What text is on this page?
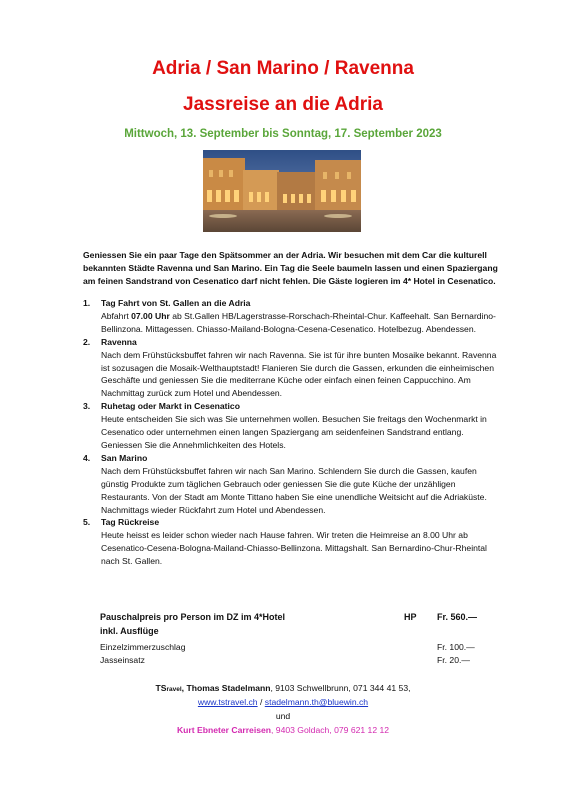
Adria / San Marino / Ravenna
Jassreise an die Adria
Mittwoch, 13. September bis Sonntag, 17. September 2023
Geniessen Sie ein paar Tage den Spätsommer an der Adria. Wir besuchen mit dem Car die kulturell bekannten Städte Ravenna und San Marino. Ein Tag die Seele baumeln lassen und einen Spaziergang am feinen Sandstrand von Cesenatico darf nicht fehlen. Die Gäste logieren im 4* Hotel in Cesenatico.
1. Tag Fahrt von St. Gallen an die Adria
Abfahrt 07.00 Uhr ab St.Gallen HB/Lagerstrasse-Rorschach-Rheintal-Chur. Kaffeehalt. San Bernardino-Bellinzona. Mittagessen. Chiasso-Mailand-Bologna-Cesena-Cesenatico. Hotelbezug. Abendessen.
2. Ravenna
Nach dem Frühstücksbuffet fahren wir nach Ravenna. Sie ist für ihre bunten Mosaike bekannt. Ravenna ist sozusagen die Mosaik-Welthauptstadt! Flanieren Sie durch die Gassen, erkunden die einheimischen Geschäfte und geniessen Sie die mediterrane Küche oder einfach einen feinen Cappucchino. Am Nachmittag zurück zum Hotel und Abendessen.
3. Ruhetag oder Markt in Cesenatico
Heute entscheiden Sie sich was Sie unternehmen wollen. Besuchen Sie freitags den Wochenmarkt in Cesenatico oder unternehmen einen langen Spaziergang am seidenfeinen Sandstrand entlang. Geniessen Sie die Annehmlichkeiten des Hotels.
4. San Marino
Nach dem Frühstücksbuffet fahren wir nach San Marino. Schlendern Sie durch die Gassen, kaufen günstig Produkte zum täglichen Gebrauch oder geniessen Sie die gute Küche der unzähligen Restaurants. Von der Stadt am Monte Tittano haben Sie eine unendliche Weitsicht auf die Adriaküste. Nachmittags wieder Rückfahrt zum Hotel und Abendessen.
5. Tag Rückreise
Heute heisst es leider schon wieder nach Hause fahren. Wir treten die Heimreise an 8.00 Uhr ab Cesenatico-Cesena-Bologna-Mailand-Chiasso-Bellinzona. Mittagshalt. San Bernardino-Chur-Rheintal nach St. Gallen.
Pauschalpreis pro Person im DZ im 4*Hotel	HP Fr. 560.—
inkl. Ausflüge
Einzelzimmerzuschlag	Fr. 100.—
Jasseinsatz	Fr. 20.—
TSravel, Thomas Stadelmann, 9103 Schwellbrunn, 071 344 41 53,
www.tstravel.ch / stadelmann.th@bluewin.ch
und
Kurt Ebneter Carreisen, 9403 Goldach, 079 621 12 12
